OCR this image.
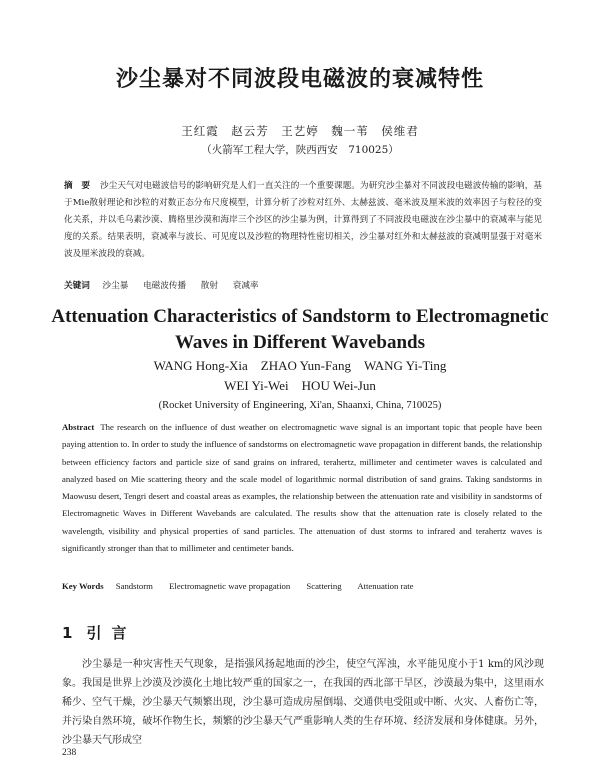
沙尘暴对不同波段电磁波的衰减特性
王红霞　赵云芳　王艺婷　魏一苇　侯维君
（火箭军工程大学，陕西西安　710025）
摘　要 沙尘天气对电磁波信号的影响研究是人们一直关注的一个重要课题。为研究沙尘暴对不同波段电磁波传输的影响，基于Mie散射理论和沙粒的对数正态分布尺度模型，计算分析了沙粒对红外、太赫兹波、毫米波及厘米波的效率因子与粒径的变化关系，并以毛乌素沙漠、腾格里沙漠和海岸三个沙区的沙尘暴为例，计算得到了不同波段电磁波在沙尘暴中的衰减率与能见度的关系。结果表明，衰减率与波长、可见度以及沙粒的物理特性密切相关，沙尘暴对红外和太赫兹波的衰减明显强于对毫米波及厘米波段的衰减。
关键词 沙尘暴 电磁波传播 散射 衰减率
Attenuation Characteristics of Sandstorm to Electromagnetic
Waves in Different Wavebands
WANG Hong-Xia　ZHAO Yun-Fang　WANG Yi-Ting
WEI Yi-Wei　HOU Wei-Jun
(Rocket University of Engineering, Xi'an, Shaanxi, China, 710025)
Abstract The research on the influence of dust weather on electromagnetic wave signal is an important topic that people have been paying attention to. In order to study the influence of sandstorms on electromagnetic wave propagation in different bands, the relationship between efficiency factors and particle size of sand grains on infrared, terahertz, millimeter and centimeter waves is calculated and analyzed based on Mie scattering theory and the scale model of logarithmic normal distribution of sand grains. Taking sandstorms in Maowusu desert, Tengri desert and coastal areas as examples, the relationship between the attenuation rate and visibility in sandstorms of Electromagnetic Waves in Different Wavebands are calculated. The results show that the attenuation rate is closely related to the wavelength, visibility and physical properties of sand particles. The attenuation of dust storms to infrared and terahertz waves is significantly stronger than that to millimeter and centimeter bands.
Key Words Sandstorm Electromagnetic wave propagation Scattering Attenuation rate
1 引言
沙尘暴是一种灾害性天气现象，是指强风扬起地面的沙尘，使空气浑浊，水平能见度小于1 km的风沙现象。我国是世界上沙漠及沙漠化土地比较严重的国家之一，在我国的西北部干旱区，沙漠最为集中，这里雨水稀少、空气干燥，沙尘暴天气频繁出现，沙尘暴可造成房屋倒塌、交通供电受阻或中断、火灾、人畜伤亡等，并污染自然环境，破坏作物生长，频繁的沙尘暴天气严重影响人类的生存环境、经济发展和身体健康。另外，沙尘暴天气形成空
238
